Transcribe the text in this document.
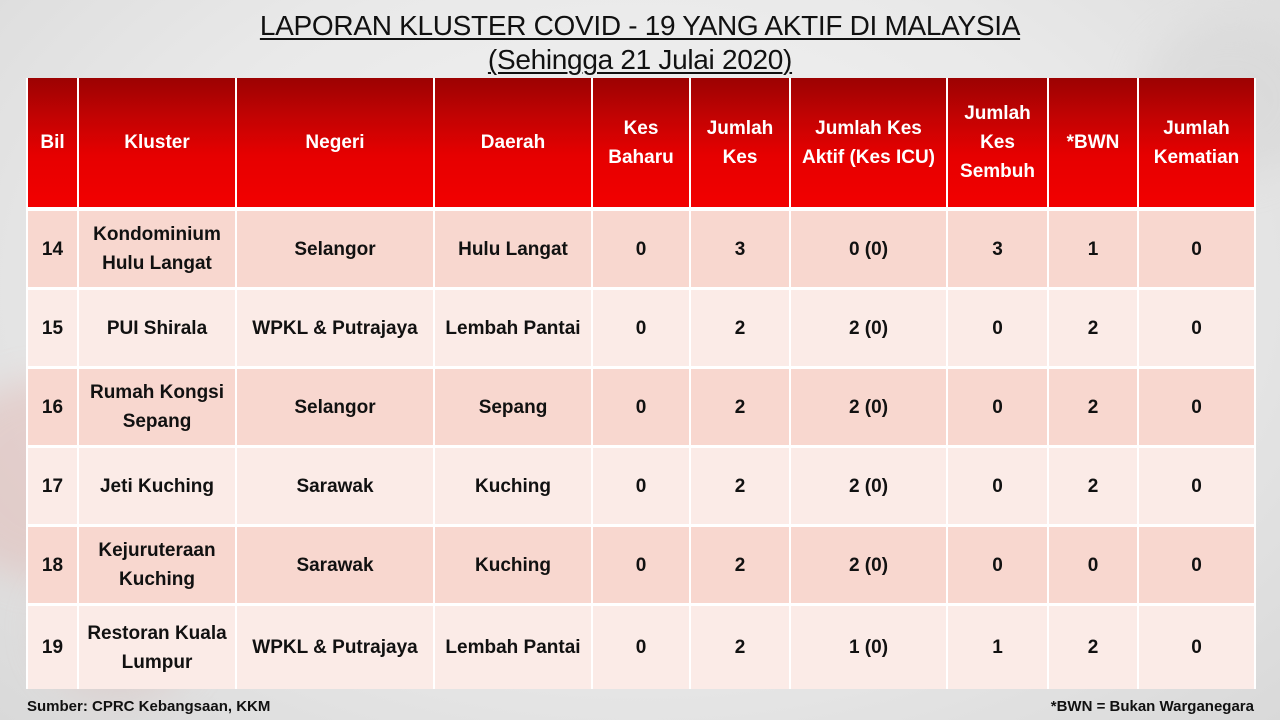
LAPORAN KLUSTER COVID - 19 YANG AKTIF DI MALAYSIA
(Sehingga 21 Julai 2020)
Bil	Kluster	Negeri	Daerah	Kes Baharu	Jumlah Kes	Jumlah Kes Aktif (Kes ICU)	Jumlah Kes Sembuh	*BWN	Jumlah Kematian
14	Kondominium Hulu Langat	Selangor	Hulu Langat	0	3	0 (0)	3	1	0
15	PUI Shirala	WPKL & Putrajaya	Lembah Pantai	0	2	2 (0)	0	2	0
16	Rumah Kongsi Sepang	Selangor	Sepang	0	2	2 (0)	0	2	0
17	Jeti Kuching	Sarawak	Kuching	0	2	2 (0)	0	2	0
18	Kejuruteraan Kuching	Sarawak	Kuching	0	2	2 (0)	0	0	0
19	Restoran Kuala Lumpur	WPKL & Putrajaya	Lembah Pantai	0	2	1 (0)	1	2	0
Sumber: CPRC Kebangsaan, KKM	*BWN = Bukan Warganegara
